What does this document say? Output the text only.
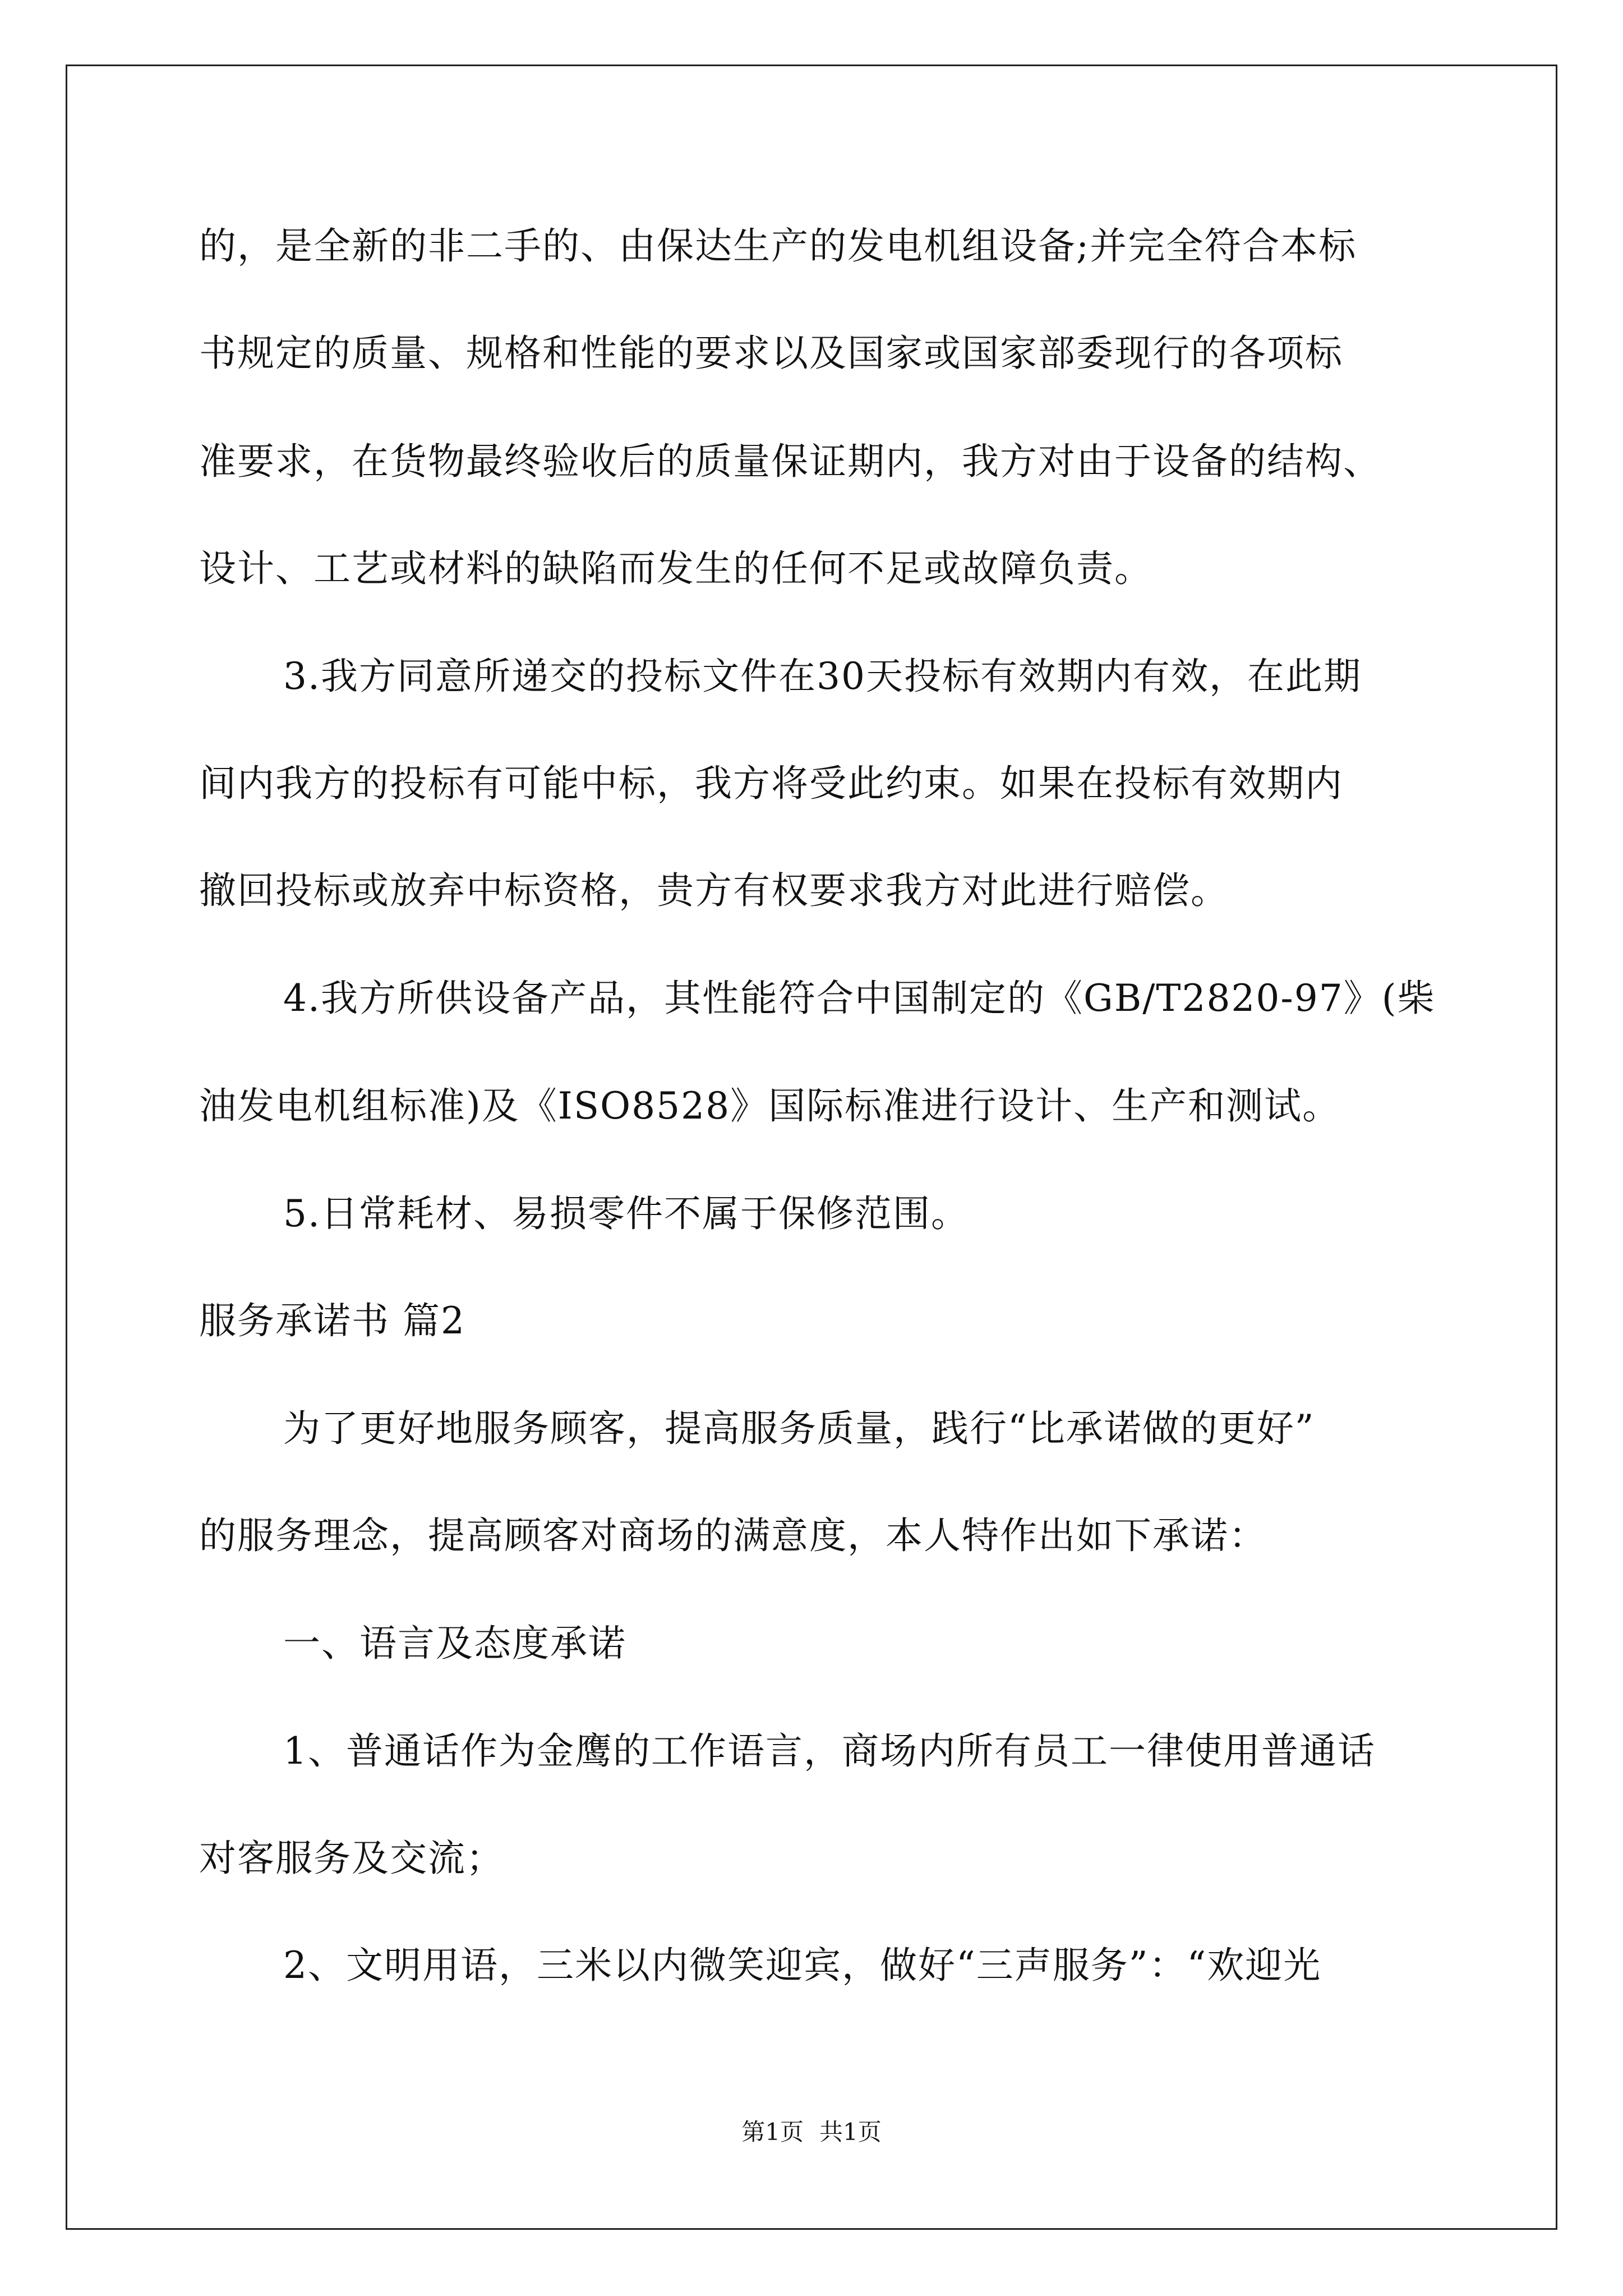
的，是全新的非二手的、由保达生产的发电机组设备;并完全符合本标
书规定的质量、规格和性能的要求以及国家或国家部委现行的各项标
准要求，在货物最终验收后的质量保证期内，我方对由于设备的结构、
设计、工艺或材料的缺陷而发生的任何不足或故障负责。
3.我方同意所递交的投标文件在30天投标有效期内有效，在此期
间内我方的投标有可能中标，我方将受此约束。如果在投标有效期内
撤回投标或放弃中标资格，贵方有权要求我方对此进行赔偿。
4.我方所供设备产品，其性能符合中国制定的《GB/T2820-97》(柴
油发电机组标准)及《ISO8528》国际标准进行设计、生产和测试。
5.日常耗材、易损零件不属于保修范围。
服务承诺书 篇2
为了更好地服务顾客，提高服务质量，践行“比承诺做的更好”
的服务理念，提高顾客对商场的满意度，本人特作出如下承诺：
一、语言及态度承诺
1、普通话作为金鹰的工作语言，商场内所有员工一律使用普通话
对客服务及交流；
2、文明用语，三米以内微笑迎宾，做好“三声服务”：“欢迎光
第1页 共1页
